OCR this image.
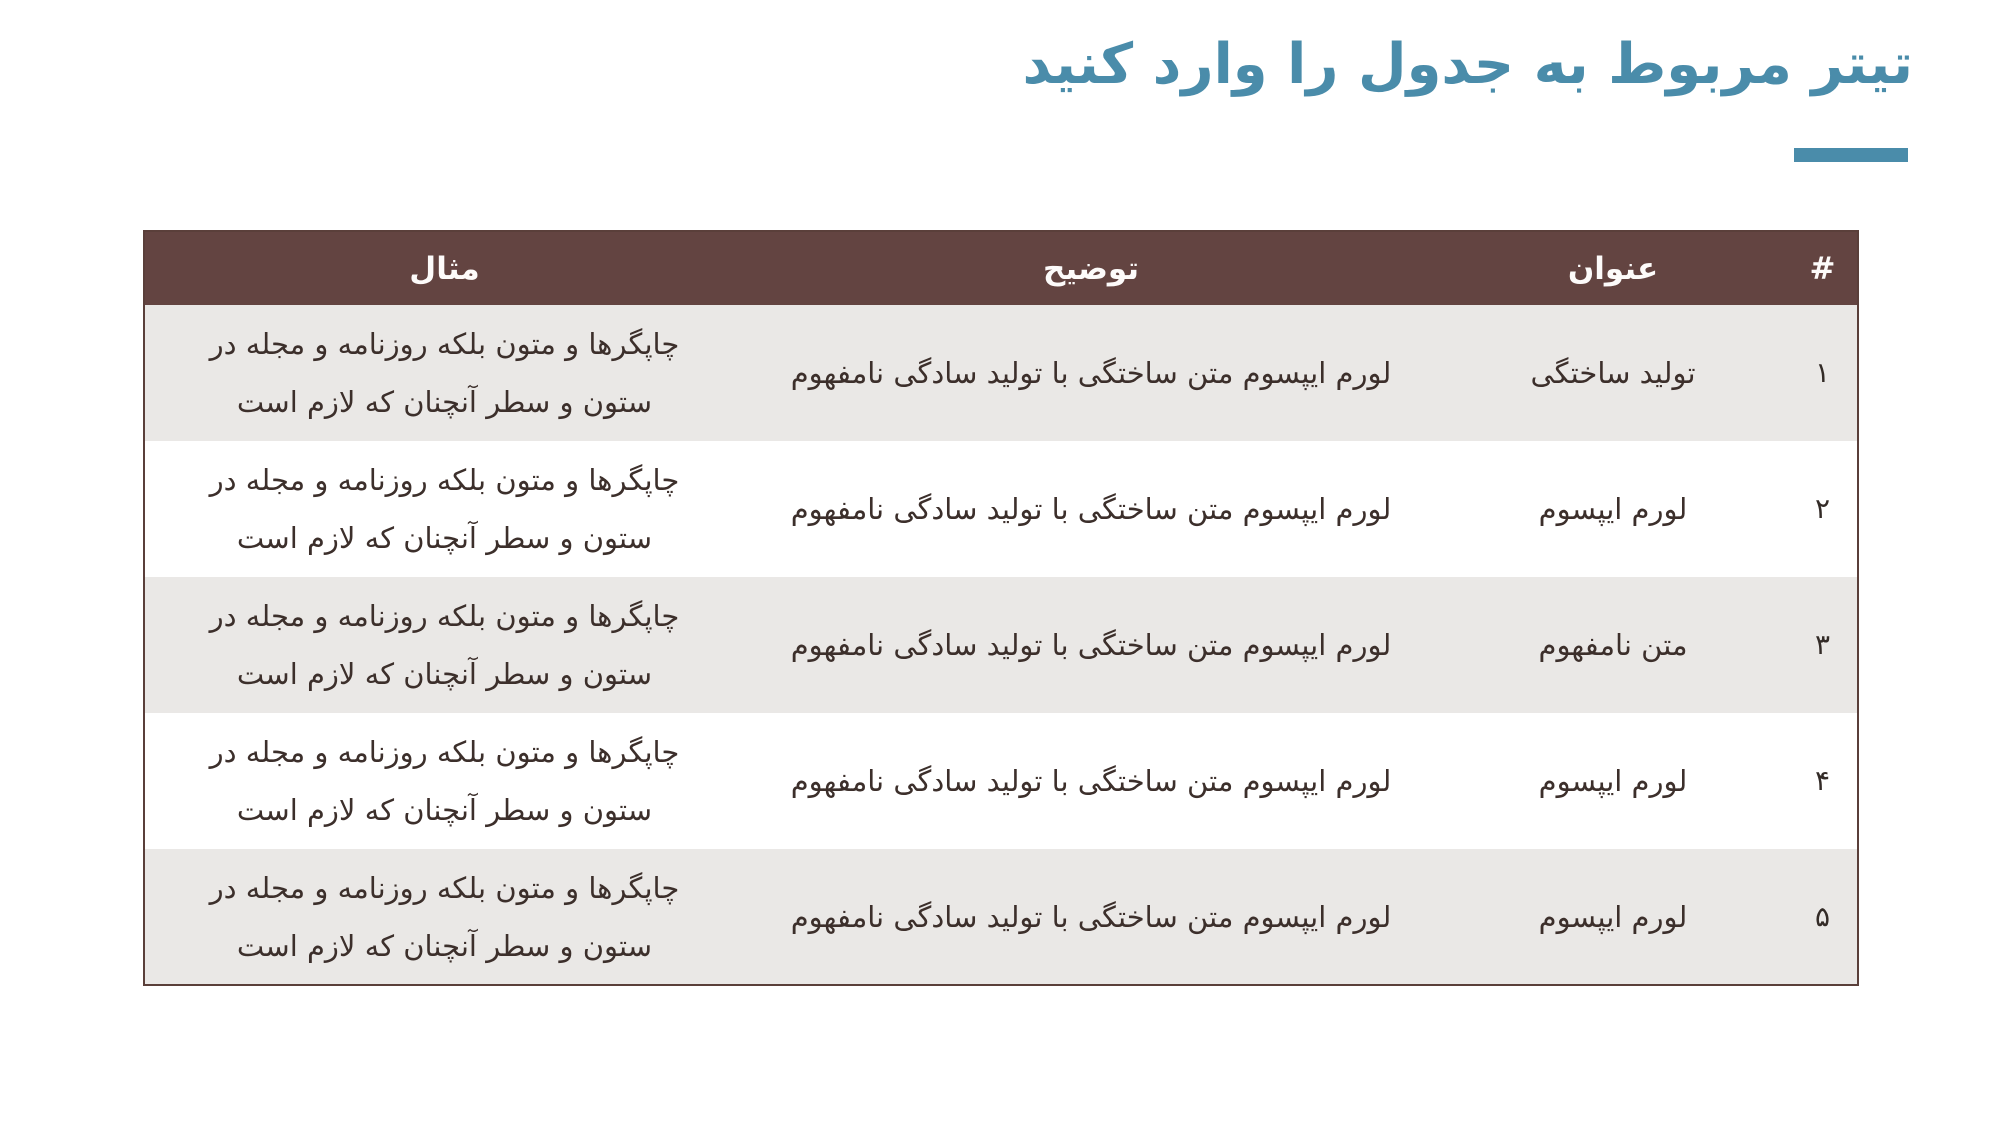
تیتر مربوط به جدول را وارد کنید
#	عنوان	توضیح	مثال
۱	تولید ساختگی	لورم ایپسوم متن ساختگی با تولید سادگی نامفهوم	چاپگرها و متون بلکه روزنامه و مجله در ستون و سطر آنچنان که لازم است
۲	لورم ایپسوم	لورم ایپسوم متن ساختگی با تولید سادگی نامفهوم	چاپگرها و متون بلکه روزنامه و مجله در ستون و سطر آنچنان که لازم است
۳	متن نامفهوم	لورم ایپسوم متن ساختگی با تولید سادگی نامفهوم	چاپگرها و متون بلکه روزنامه و مجله در ستون و سطر آنچنان که لازم است
۴	لورم ایپسوم	لورم ایپسوم متن ساختگی با تولید سادگی نامفهوم	چاپگرها و متون بلکه روزنامه و مجله در ستون و سطر آنچنان که لازم است
۵	لورم ایپسوم	لورم ایپسوم متن ساختگی با تولید سادگی نامفهوم	چاپگرها و متون بلکه روزنامه و مجله در ستون و سطر آنچنان که لازم است
